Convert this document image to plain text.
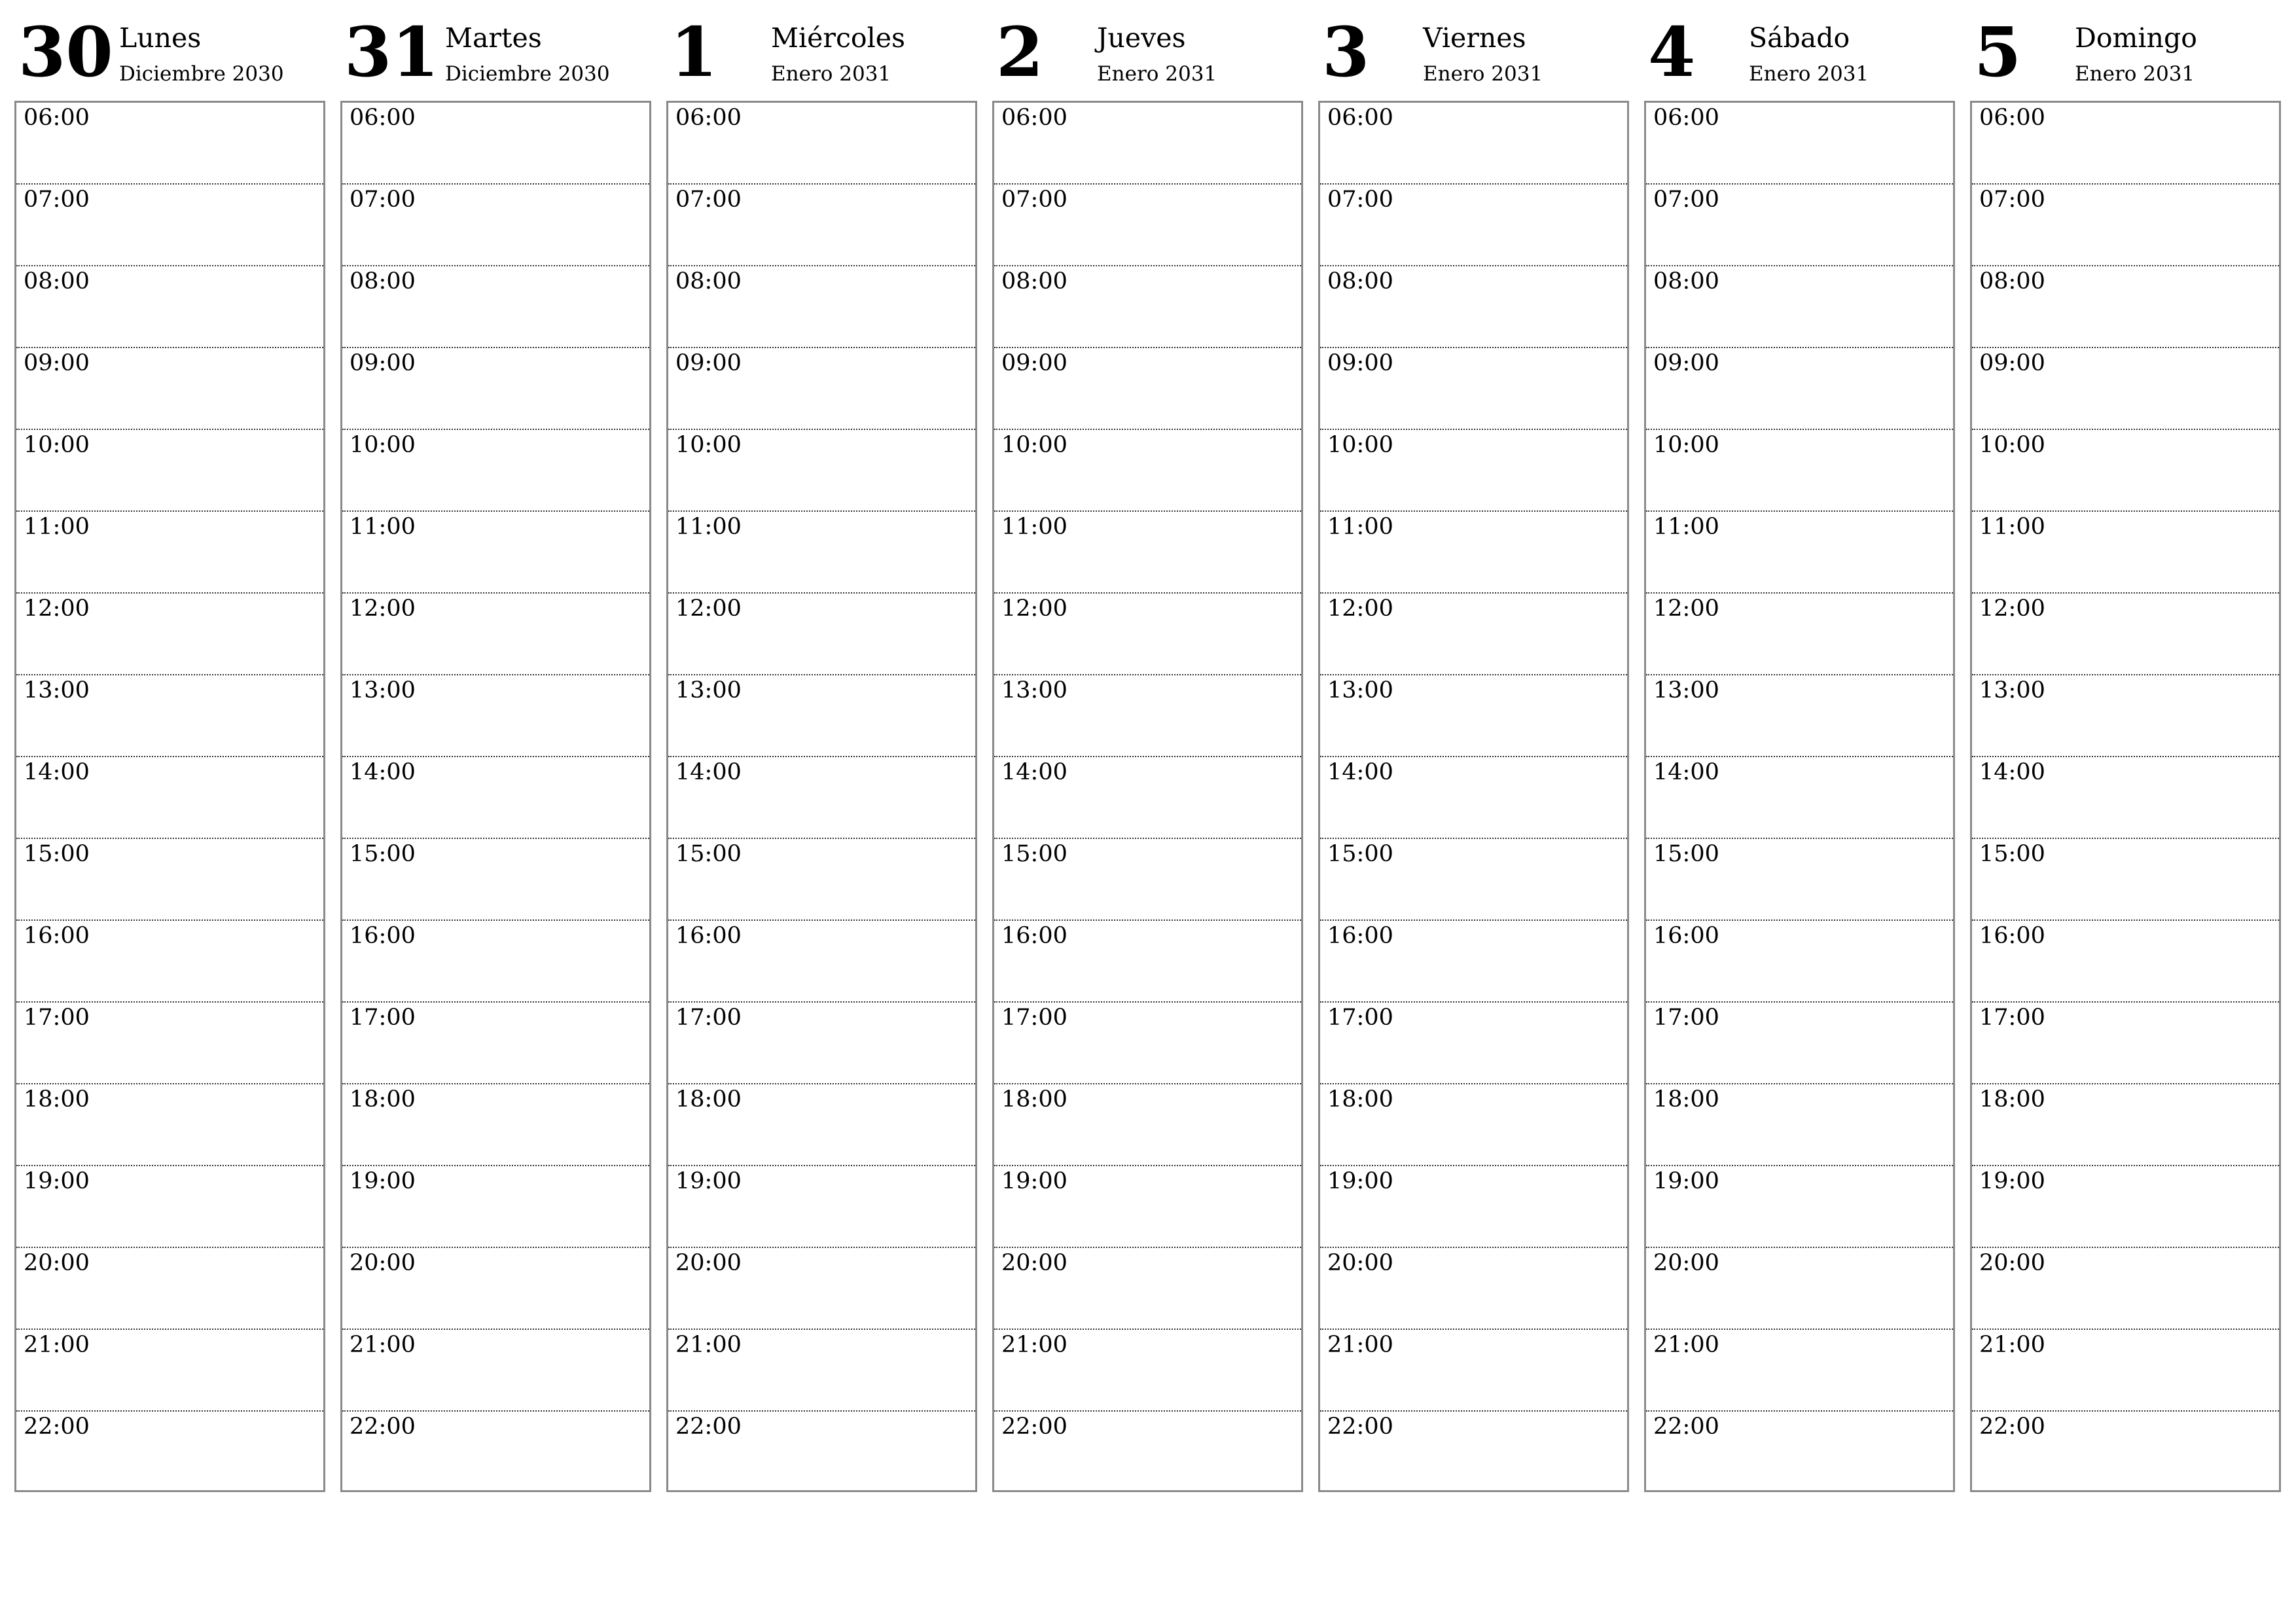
30 Lunes
Diciembre 2030
06:00
07:00
08:00
09:00
10:00
11:00
12:00
13:00
14:00
15:00
16:00
17:00
18:00
19:00
20:00
21:00
22:00
31 Martes
Diciembre 2030
06:00
07:00
08:00
09:00
10:00
11:00
12:00
13:00
14:00
15:00
16:00
17:00
18:00
19:00
20:00
21:00
22:00
1 Miércoles
Enero 2031
06:00
07:00
08:00
09:00
10:00
11:00
12:00
13:00
14:00
15:00
16:00
17:00
18:00
19:00
20:00
21:00
22:00
2 Jueves
Enero 2031
06:00
07:00
08:00
09:00
10:00
11:00
12:00
13:00
14:00
15:00
16:00
17:00
18:00
19:00
20:00
21:00
22:00
3 Viernes
Enero 2031
06:00
07:00
08:00
09:00
10:00
11:00
12:00
13:00
14:00
15:00
16:00
17:00
18:00
19:00
20:00
21:00
22:00
4 Sábado
Enero 2031
06:00
07:00
08:00
09:00
10:00
11:00
12:00
13:00
14:00
15:00
16:00
17:00
18:00
19:00
20:00
21:00
22:00
5 Domingo
Enero 2031
06:00
07:00
08:00
09:00
10:00
11:00
12:00
13:00
14:00
15:00
16:00
17:00
18:00
19:00
20:00
21:00
22:00
